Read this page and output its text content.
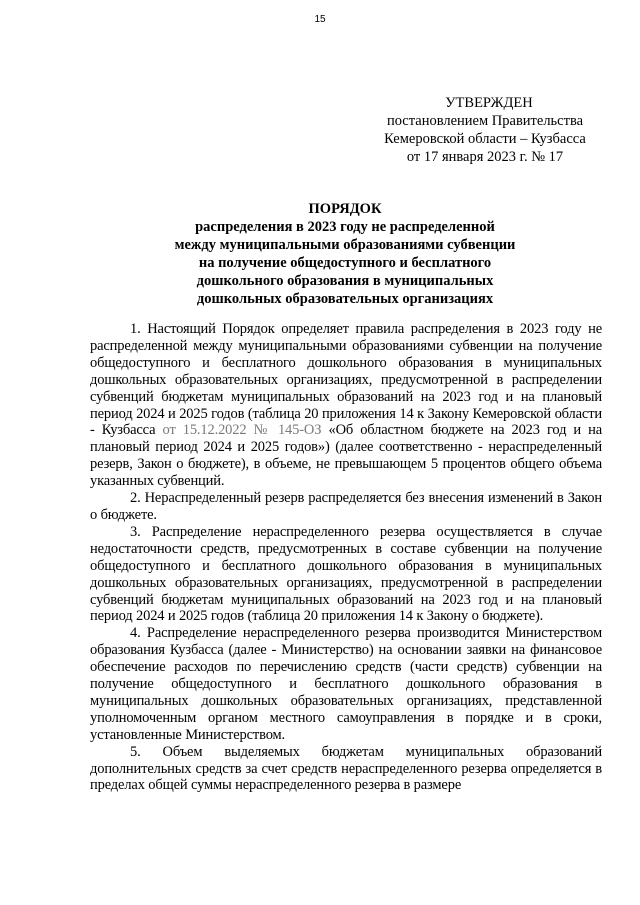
15
УТВЕРЖДЕН
постановлением Правительства
Кемеровской области – Кузбасса
от 17 января 2023 г. № 17
ПОРЯДОК
распределения в 2023 году не распределенной
между муниципальными образованиями субвенции
на получение общедоступного и бесплатного
дошкольного образования в муниципальных
дошкольных образовательных организациях

1. Настоящий Порядок определяет правила распределения в 2023 году не распределенной между муниципальными образованиями субвенции на получение общедоступного и бесплатного дошкольного образования в муниципальных дошкольных образовательных организациях, предусмотренной в распределении субвенций бюджетам муниципальных образований на 2023 год и на плановый период 2024 и 2025 годов (таблица 20 приложения 14 к Закону Кемеровской области - Кузбасса от 15.12.2022 № 145-ОЗ «Об областном бюджете на 2023 год и на плановый период 2024 и 2025 годов») (далее соответственно - нераспределенный резерв, Закон о бюджете), в объеме, не превышающем 5 процентов общего объема указанных субвенций.

2. Нераспределенный резерв распределяется без внесения изменений в Закон о бюджете.

3. Распределение нераспределенного резерва осуществляется в случае недостаточности средств, предусмотренных в составе субвенции на получение общедоступного и бесплатного дошкольного образования в муниципальных дошкольных образовательных организациях, предусмотренной в распределении субвенций бюджетам муниципальных образований на 2023 год и на плановый период 2024 и 2025 годов (таблица 20 приложения 14 к Закону о бюджете).

4. Распределение нераспределенного резерва производится Министерством образования Кузбасса (далее - Министерство) на основании заявки на финансовое обеспечение расходов по перечислению средств (части средств) субвенции на получение общедоступного и бесплатного дошкольного образования в муниципальных дошкольных образовательных организациях, представленной уполномоченным органом местного самоуправления в порядке и в сроки, установленные Министерством.

5. Объем выделяемых бюджетам муниципальных образований дополнительных средств за счет средств нераспределенного резерва определяется в пределах общей суммы нераспределенного резерва в размере
